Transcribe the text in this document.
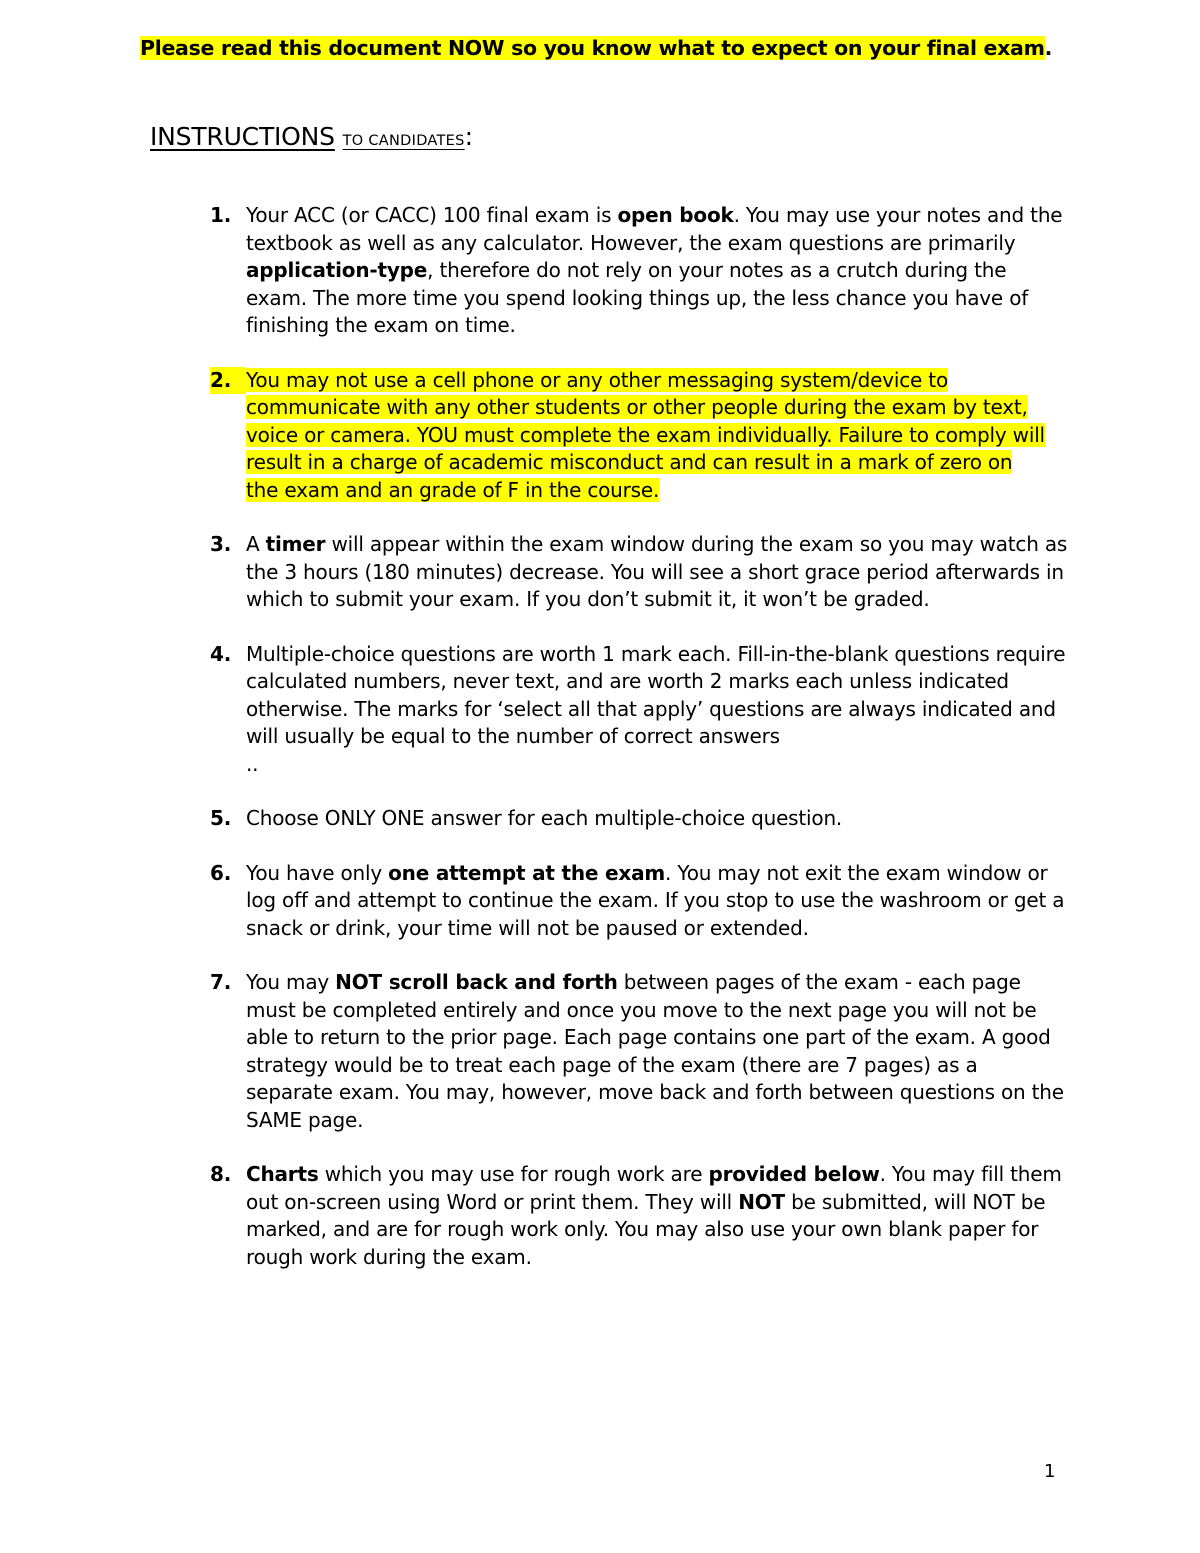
Please read this document NOW so you know what to expect on your final exam.
INSTRUCTIONS TO CANDIDATES:
1. Your ACC (or CACC) 100 final exam is open book. You may use your notes and the textbook as well as any calculator. However, the exam questions are primarily application-type, therefore do not rely on your notes as a crutch during the exam. The more time you spend looking things up, the less chance you have of finishing the exam on time.
2. You may not use a cell phone or any other messaging system/device to communicate with any other students or other people during the exam by text, voice or camera. YOU must complete the exam individually. Failure to comply will result in a charge of academic misconduct and can result in a mark of zero on the exam and an grade of F in the course.
3. A timer will appear within the exam window during the exam so you may watch as the 3 hours (180 minutes) decrease. You will see a short grace period afterwards in which to submit your exam. If you don’t submit it, it won’t be graded.
4. Multiple-choice questions are worth 1 mark each. Fill-in-the-blank questions require calculated numbers, never text, and are worth 2 marks each unless indicated otherwise. The marks for ‘select all that apply’ questions are always indicated and will usually be equal to the number of correct answers
..
5. Choose ONLY ONE answer for each multiple-choice question.
6. You have only one attempt at the exam. You may not exit the exam window or log off and attempt to continue the exam. If you stop to use the washroom or get a snack or drink, your time will not be paused or extended.
7. You may NOT scroll back and forth between pages of the exam - each page must be completed entirely and once you move to the next page you will not be able to return to the prior page. Each page contains one part of the exam. A good strategy would be to treat each page of the exam (there are 7 pages) as a separate exam. You may, however, move back and forth between questions on the SAME page.
8. Charts which you may use for rough work are provided below. You may fill them out on-screen using Word or print them. They will NOT be submitted, will NOT be marked, and are for rough work only. You may also use your own blank paper for rough work during the exam.
1
